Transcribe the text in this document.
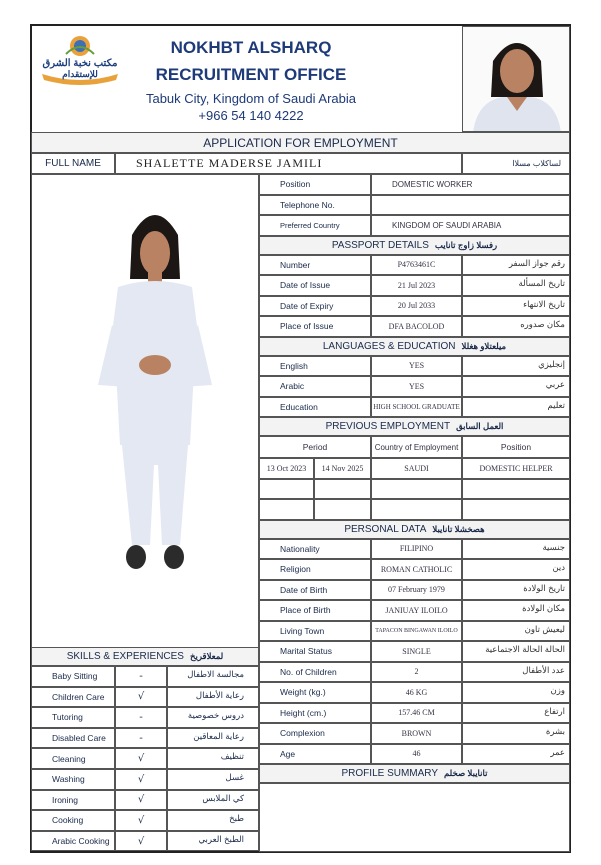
مكتب نخبة الشرق
للإستقدام
NOKHBT ALSHARQ
RECRUITMENT OFFICE
Tabuk City, Kingdom of Saudi Arabia
+966 54 140 4222
APPLICATION FOR EMPLOYMENT
FULL NAME	SHALETTE MADERSE JAMILI	لساكلاب مسلاا
SKILLS & EXPERIENCES لمعلاقريخ
Position	DOMESTIC WORKER
Telephone No.
Preferred Country	KINGDOM OF SAUDI ARABIA
PASSPORT DETAILS رفسلا زاوج تانايب
Number	P4763461C	رقم جواز السفر
Date of Issue	21 Jul 2023	تاريخ المسألة
Date of Expiry	20 Jul 2033	تاريخ الانتهاء
Place of Issue	DFA BACOLOD	مكان صدوره
LANGUAGES & EDUCATION ميلعتلاو هغللا
English	YES	إنجليزي
Arabic	YES	عربي
Education	HIGH SCHOOL GRADUATE	تعليم
PREVIOUS EMPLOYMENT العمل السابق
Period	Country of Employment	Position
13 Oct 2023	14 Nov 2025	SAUDI	DOMESTIC HELPER
PERSONAL DATA هصخشلا تانايبلا
Nationality	FILIPINO	جنسية
Religion	ROMAN CATHOLIC	دين
Date of Birth	07 February 1979	تاريخ الولادة
Place of Birth	JANIUAY ILOILO	مكان الولادة
Living Town	TAPACON BINGAWAN ILOILO	ليعيش تاون
Marital Status	SINGLE	الحالة الحالة الاجتماعية
No. of Children	2	عدد الأطفال
Weight (kg.)	46 KG	وزن
Height (cm.)	157.46 CM	ارتفاع
Complexion	BROWN	بشرة
Age	46	عمر
PROFILE SUMMARY تانايبلا صخلم
Baby Sitting	-	مجالسة الاطفال
Children Care	√	رعاية الأطفال
Tutoring	-	دروس خصوصية
Disabled Care	-	رعاية المعاقين
Cleaning	√	تنظيف
Washing	√	غسل
Ironing	√	كي الملابس
Cooking	√	طبخ
Arabic Cooking	√	الطبخ العربي
